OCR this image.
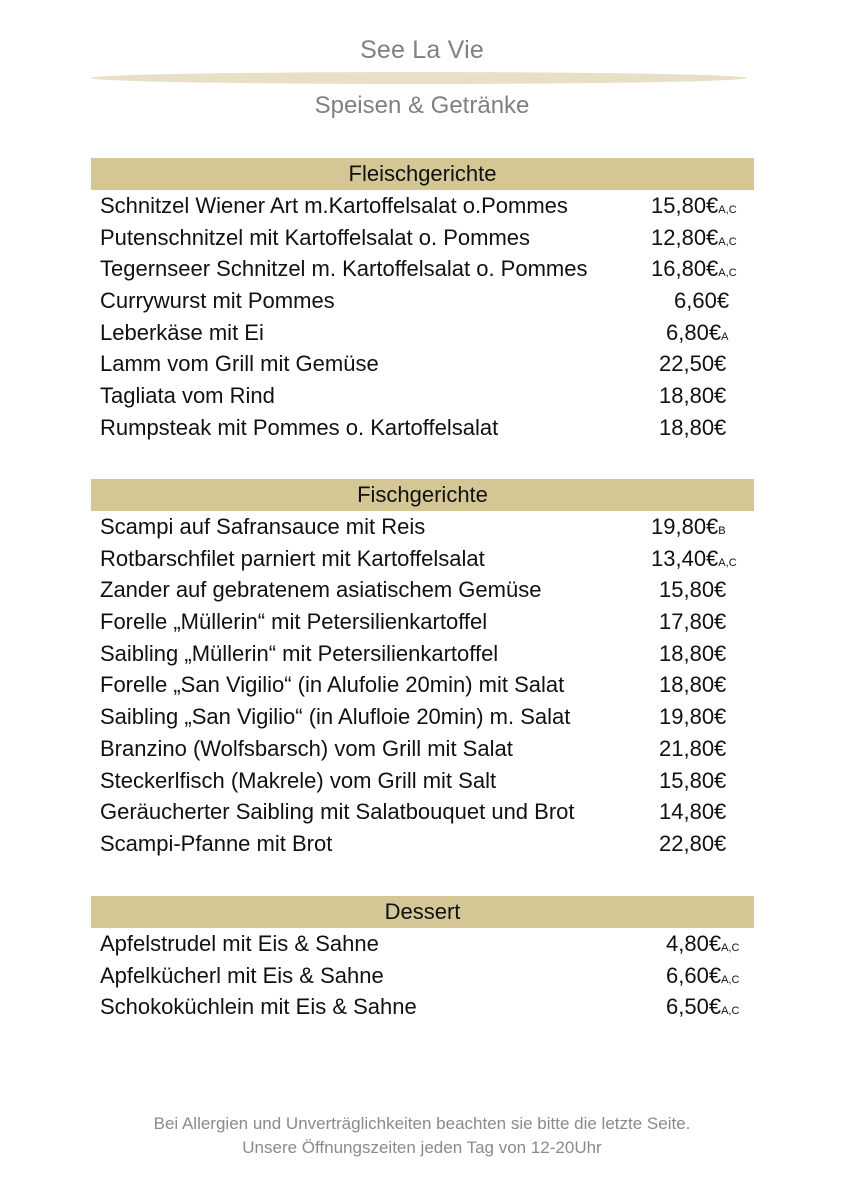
See La Vie
Speisen & Getränke
Fleischgerichte
Schnitzel Wiener Art m.Kartoffelsalat o.Pommes	15,80€A,C
Putenschnitzel mit Kartoffelsalat o. Pommes	12,80€A,C
Tegernseer Schnitzel m. Kartoffelsalat o. Pommes	16,80€A,C
Currywurst mit Pommes	6,60€
Leberkäse mit Ei	6,80€A
Lamm vom Grill mit Gemüse	22,50€
Tagliata vom Rind	18,80€
Rumpsteak mit Pommes o. Kartoffelsalat	18,80€
Fischgerichte
Scampi auf Safransauce mit Reis	19,80€B
Rotbarschfilet parniert mit Kartoffelsalat	13,40€A,C
Zander auf gebratenem asiatischem Gemüse	15,80€
Forelle „Müllerin“ mit Petersilienkartoffel	17,80€
Saibling „Müllerin“ mit Petersilienkartoffel	18,80€
Forelle „San Vigilio“ (in Alufolie 20min) mit Salat	18,80€
Saibling „San Vigilio“ (in Alufloie 20min) m. Salat	19,80€
Branzino (Wolfsbarsch) vom Grill mit Salat	21,80€
Steckerlfisch (Makrele) vom Grill mit Salt	15,80€
Geräucherter Saibling mit Salatbouquet und Brot	14,80€
Scampi-Pfanne mit Brot	22,80€
Dessert
Apfelstrudel mit Eis & Sahne	4,80€A,C
Apfelkücherl mit Eis & Sahne	6,60€A,C
Schokoküchlein mit Eis & Sahne	6,50€A,C
Bei Allergien und Unverträglichkeiten beachten sie bitte die letzte Seite.
Unsere Öffnungszeiten jeden Tag von 12-20Uhr
